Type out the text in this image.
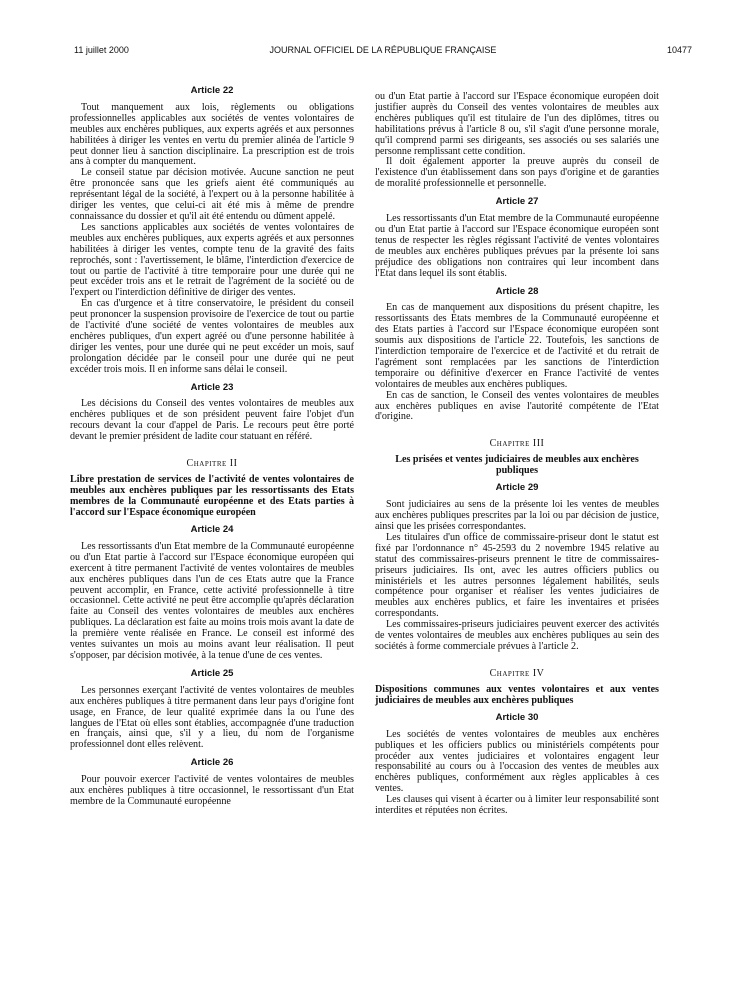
11 juillet 2000	JOURNAL OFFICIEL DE LA RÉPUBLIQUE FRANÇAISE	10477
Article 22

Tout manquement aux lois, règlements ou obligations professionnelles applicables aux sociétés de ventes volontaires de meubles aux enchères publiques, aux experts agréés et aux personnes habilitées à diriger les ventes en vertu du premier alinéa de l'article 9 peut donner lieu à sanction disciplinaire. La prescription est de trois ans à compter du manquement.

Le conseil statue par décision motivée. Aucune sanction ne peut être prononcée sans que les griefs aient été communiqués au représentant légal de la société, à l'expert ou à la personne habilitée à diriger les ventes, que celui-ci ait été mis à même de prendre connaissance du dossier et qu'il ait été entendu ou dûment appelé.

Les sanctions applicables aux sociétés de ventes volontaires de meubles aux enchères publiques, aux experts agréés et aux personnes habilitées à diriger les ventes, compte tenu de la gravité des faits reprochés, sont : l'avertissement, le blâme, l'interdiction d'exercice de tout ou partie de l'activité à titre temporaire pour une durée qui ne peut excéder trois ans et le retrait de l'agrément de la société ou de l'expert ou l'interdiction définitive de diriger des ventes.

En cas d'urgence et à titre conservatoire, le président du conseil peut prononcer la suspension provisoire de l'exercice de tout ou partie de l'activité d'une société de ventes volontaires de meubles aux enchères publiques, d'un expert agréé ou d'une personne habilitée à diriger les ventes, pour une durée qui ne peut excéder un mois, sauf prolongation décidée par le conseil pour une durée qui ne peut excéder trois mois. Il en informe sans délai le conseil.

Article 23

Les décisions du Conseil des ventes volontaires de meubles aux enchères publiques et de son président peuvent faire l'objet d'un recours devant la cour d'appel de Paris. Le recours peut être porté devant le premier président de ladite cour statuant en référé.

Chapitre II
Libre prestation de services de l'activité de ventes volontaires de meubles aux enchères publiques par les ressortissants des Etats membres de la Communauté européenne et des Etats parties à l'accord sur l'Espace économique européen
Article 24

Les ressortissants d'un Etat membre de la Communauté européenne ou d'un Etat partie à l'accord sur l'Espace économique européen qui exercent à titre permanent l'activité de ventes volontaires de meubles aux enchères publiques dans l'un de ces Etats autre que la France peuvent accomplir, en France, cette activité professionnelle à titre occasionnel. Cette activité ne peut être accomplie qu'après déclaration faite au Conseil des ventes volontaires de meubles aux enchères publiques. La déclaration est faite au moins trois mois avant la date de la première vente réalisée en France. Le conseil est informé des ventes suivantes un mois au moins avant leur réalisation. Il peut s'opposer, par décision motivée, à la tenue d'une de ces ventes.

Article 25

Les personnes exerçant l'activité de ventes volontaires de meubles aux enchères publiques à titre permanent dans leur pays d'origine font usage, en France, de leur qualité exprimée dans la ou l'une des langues de l'Etat où elles sont établies, accompagnée d'une traduction en français, ainsi que, s'il y a lieu, du nom de l'organisme professionnel dont elles relèvent.

Article 26

Pour pouvoir exercer l'activité de ventes volontaires de meubles aux enchères publiques à titre occasionnel, le ressortissant d'un Etat membre de la Communauté européenne

ou d'un Etat partie à l'accord sur l'Espace économique européen doit justifier auprès du Conseil des ventes volontaires de meubles aux enchères publiques qu'il est titulaire de l'un des diplômes, titres ou habilitations prévus à l'article 8 ou, s'il s'agit d'une personne morale, qu'il comprend parmi ses dirigeants, ses associés ou ses salariés une personne remplissant cette condition.

Il doit également apporter la preuve auprès du conseil de l'existence d'un établissement dans son pays d'origine et de garanties de moralité professionnelle et personnelle.

Article 27

Les ressortissants d'un Etat membre de la Communauté européenne ou d'un Etat partie à l'accord sur l'Espace économique européen sont tenus de respecter les règles régissant l'activité de ventes volontaires de meubles aux enchères publiques prévues par la présente loi sans préjudice des obligations non contraires qui leur incombent dans l'Etat dans lequel ils sont établis.

Article 28

En cas de manquement aux dispositions du présent chapitre, les ressortissants des Etats membres de la Communauté européenne et des Etats parties à l'accord sur l'Espace économique européen sont soumis aux dispositions de l'article 22. Toutefois, les sanctions de l'interdiction temporaire de l'exercice et de l'activité et du retrait de l'agrément sont remplacées par les sanctions de l'interdiction temporaire ou définitive d'exercer en France l'activité de ventes volontaires de meubles aux enchères publiques.

En cas de sanction, le Conseil des ventes volontaires de meubles aux enchères publiques en avise l'autorité compétente de l'Etat d'origine.

Chapitre III
Les prisées et ventes judiciaires de meubles aux enchères publiques
Article 29

Sont judiciaires au sens de la présente loi les ventes de meubles aux enchères publiques prescrites par la loi ou par décision de justice, ainsi que les prisées correspondantes.

Les titulaires d'un office de commissaire-priseur dont le statut est fixé par l'ordonnance n° 45-2593 du 2 novembre 1945 relative au statut des commissaires-priseurs prennent le titre de commissaires-priseurs judiciaires. Ils ont, avec les autres officiers publics ou ministériels et les autres personnes légalement habilités, seuls compétence pour organiser et réaliser les ventes judiciaires de meubles aux enchères publics, et faire les inventaires et prisées correspondants.

Les commissaires-priseurs judiciaires peuvent exercer des activités de ventes volontaires de meubles aux enchères publiques au sein des sociétés à forme commerciale prévues à l'article 2.

Chapitre IV
Dispositions communes aux ventes volontaires et aux ventes judiciaires de meubles aux enchères publiques
Article 30

Les sociétés de ventes volontaires de meubles aux enchères publiques et les officiers publics ou ministériels compétents pour procéder aux ventes judiciaires et volontaires engagent leur responsabilité au cours ou à l'occasion des ventes de meubles aux enchères publiques, conformément aux règles applicables à ces ventes.

Les clauses qui visent à écarter ou à limiter leur responsabilité sont interdites et réputées non écrites.
